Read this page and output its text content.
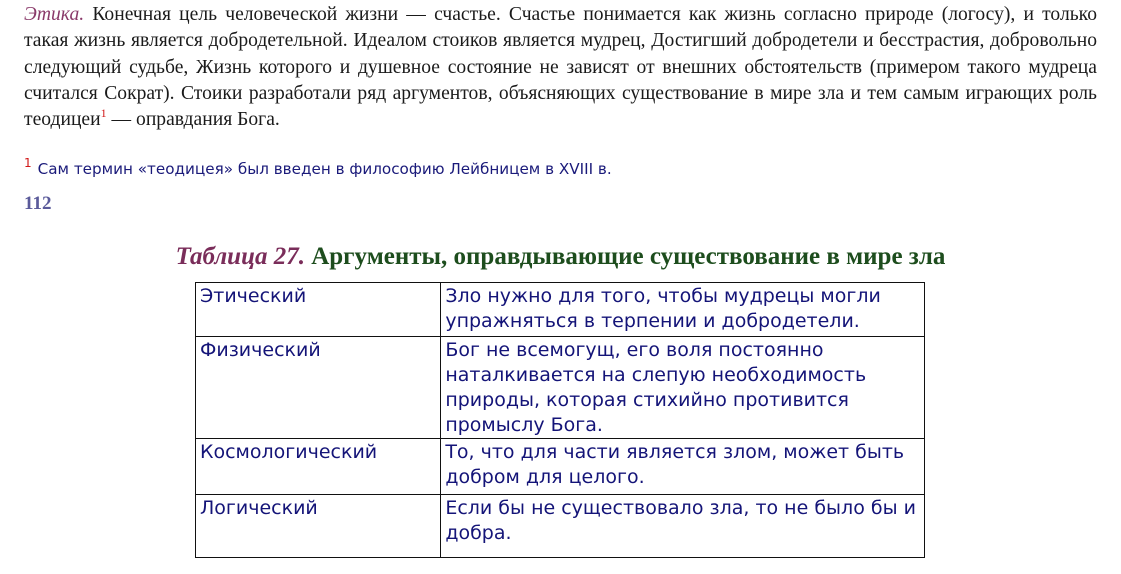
Этика. Конечная цель человеческой жизни — счастье. Счастье понимается как жизнь согласно природе (логосу), и только такая жизнь является добродетельной. Идеалом стоиков является мудрец, Достигший добродетели и бесстрастия, добровольно следующий судьбе, Жизнь которого и душевное состояние не зависят от внешних обстоятельств (примером такого мудреца считался Сократ). Стоики разработали ряд аргументов, объясняющих существование в мире зла и тем самым играющих роль теодицеи$^1$ — оправдания Бога.

$^1$ Сам термин «теодицея» был введен в философию Лейбницем в XVIII в.
112
Таблица 27. Аргументы, оправдывающие существование в мире зла
Этический	Зло нужно для того, чтобы мудрецы могли упражняться в терпении и добродетели.
Физический	Бог не всемогущ, его воля постоянно наталкивается на слепую необходимость природы, которая стихийно противится промыслу Бога.
Космологический	То, что для части является злом, может быть добром для целого.
Логический	Если бы не существовало зла, то не было бы и добра.
